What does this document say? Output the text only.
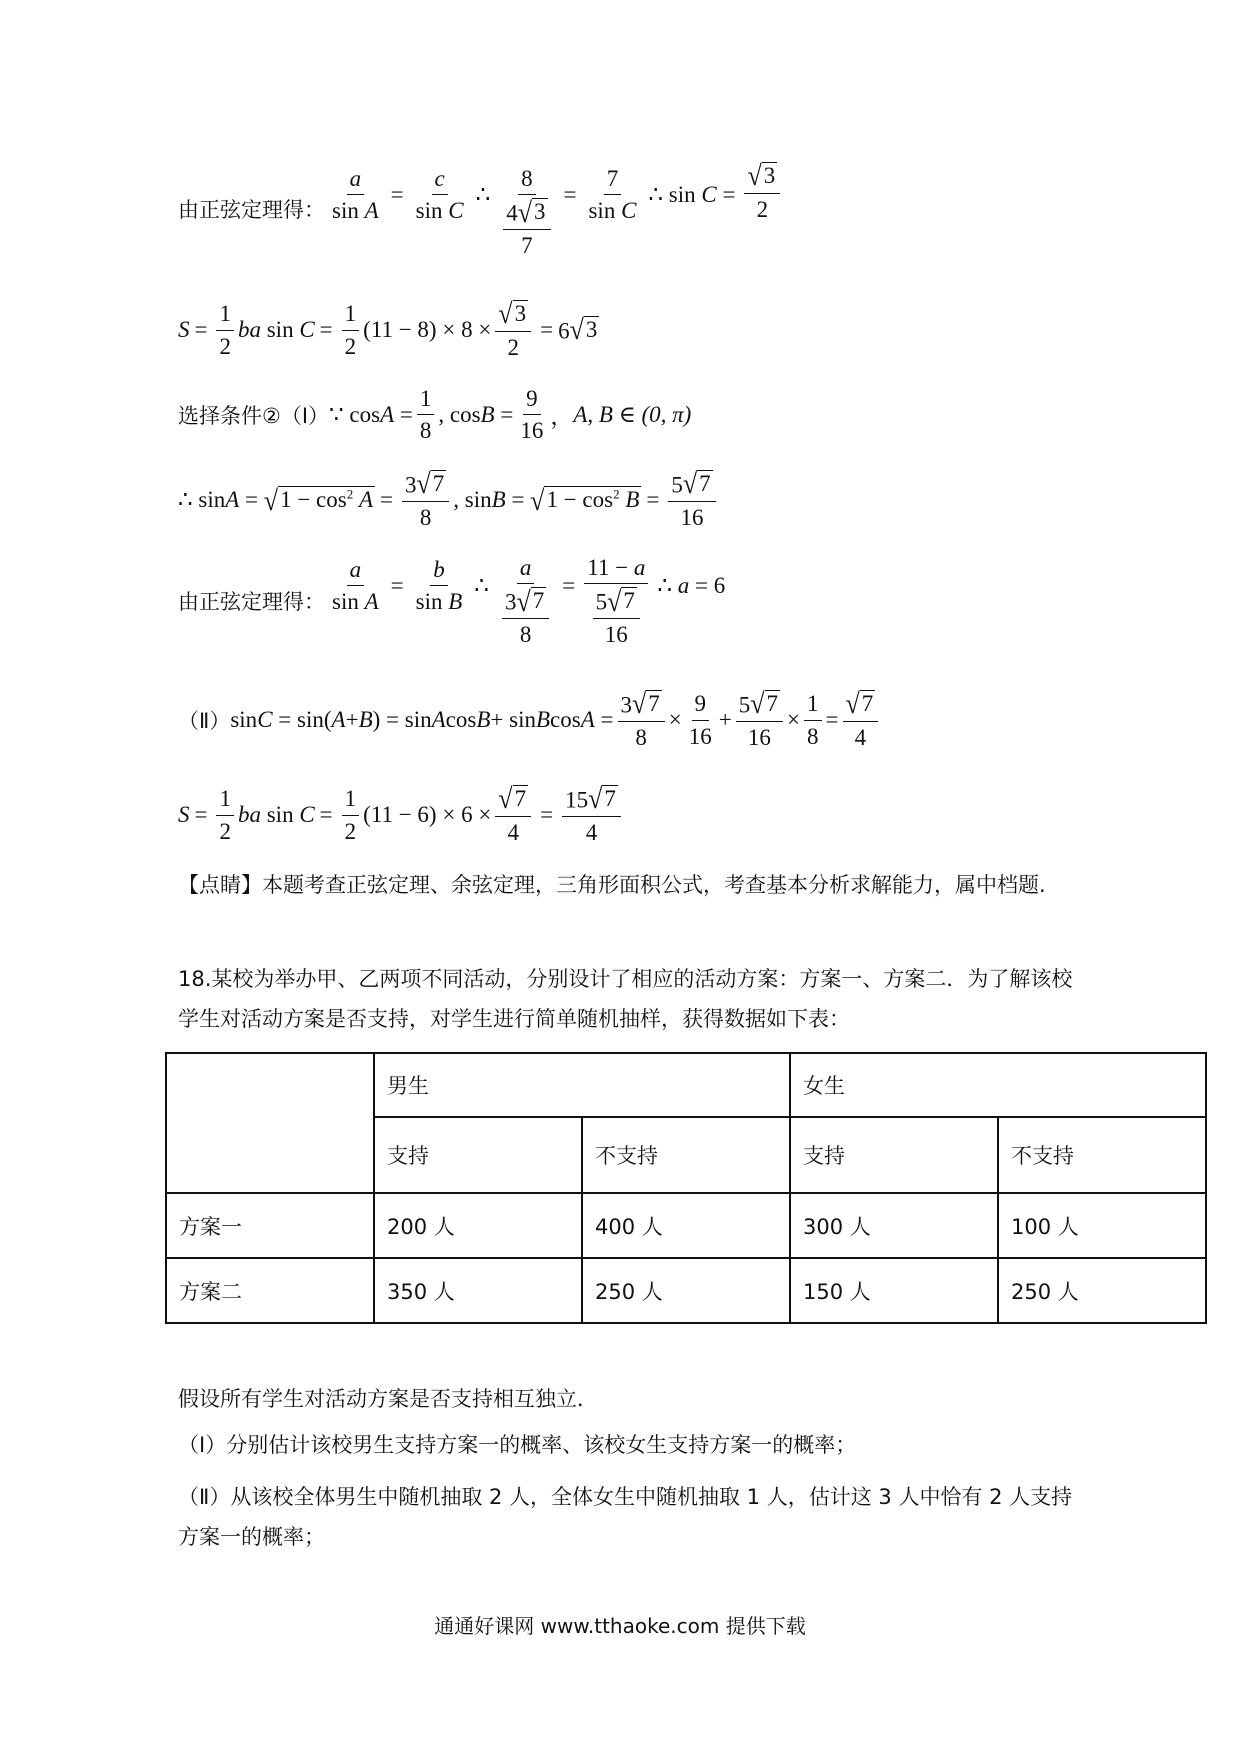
由正弦定理得： $\frac{a}{\text{sin A}} = \frac{c}{\text{sin C}}$ ∴ $\frac{8}{\frac{4 √ 3}{7}} = \frac{7}{\text{sin C}}$ ∴ $\sin C = \frac{√ 3}{2}$
$S = \frac{1}{2}$ ba $\sin C = \frac{1}{2} (11 - 8) \times 8 \times \frac{√ 3}{2} = 6$ √ 3
选择条件②（Ⅰ） ∵ $\cos A = \frac{1}{8}$ , $\cos B = \frac{9}{16}$ ， A, B ∈ (0, π)
∴ sin A = √ $1 - \cos^2 A = \frac{3 √ 7}{8}$ , sin B = √ $1 - \cos^2 B = \frac{5 √ 7}{16}$
由正弦定理得： $\frac{a}{\text{sin A}} = \frac{b}{\text{sin B}}$ ∴ $\frac{a}{\frac{3 √ 7}{8}} = \frac{11 - a}{\frac{5 √ 7}{16}}$ ∴ a = 6
（Ⅱ） sin C = sin( A + B ) = sin A cos B + sin B $\cos A = \frac{3 √ 7}{8} \times \frac{9}{16} + \frac{5 √ 7}{16} \times \frac{1}{8} = \frac{√ 7}{4}$
$S = \frac{1}{2}$ ba $\sin C = \frac{1}{2} (11 - 6) \times 6 \times \frac{√ 7}{4} = \frac{15 √ 7}{4}$
【点睛】本题考查正弦定理、余弦定理，三角形面积公式，考查基本分析求解能力，属中档题.
18.某校为举办甲、乙两项不同活动，分别设计了相应的活动方案：方案一、方案二．为了解该校学生对活动方案是否支持，对学生进行简单随机抽样，获得数据如下表：
	男生		女生	
	支持	不支持	支持	不支持
方案一	200 人	400 人	300 人	100 人
方案二	350 人	250 人	150 人	250 人
假设所有学生对活动方案是否支持相互独立．
（Ⅰ）分别估计该校男生支持方案一的概率、该校女生支持方案一的概率；
（Ⅱ）从该校全体男生中随机抽取 2 人，全体女生中随机抽取 1 人，估计这 3 人中恰有 2 人支持方案一的概率；
通通好课网 www.tthaoke.com 提供下载
